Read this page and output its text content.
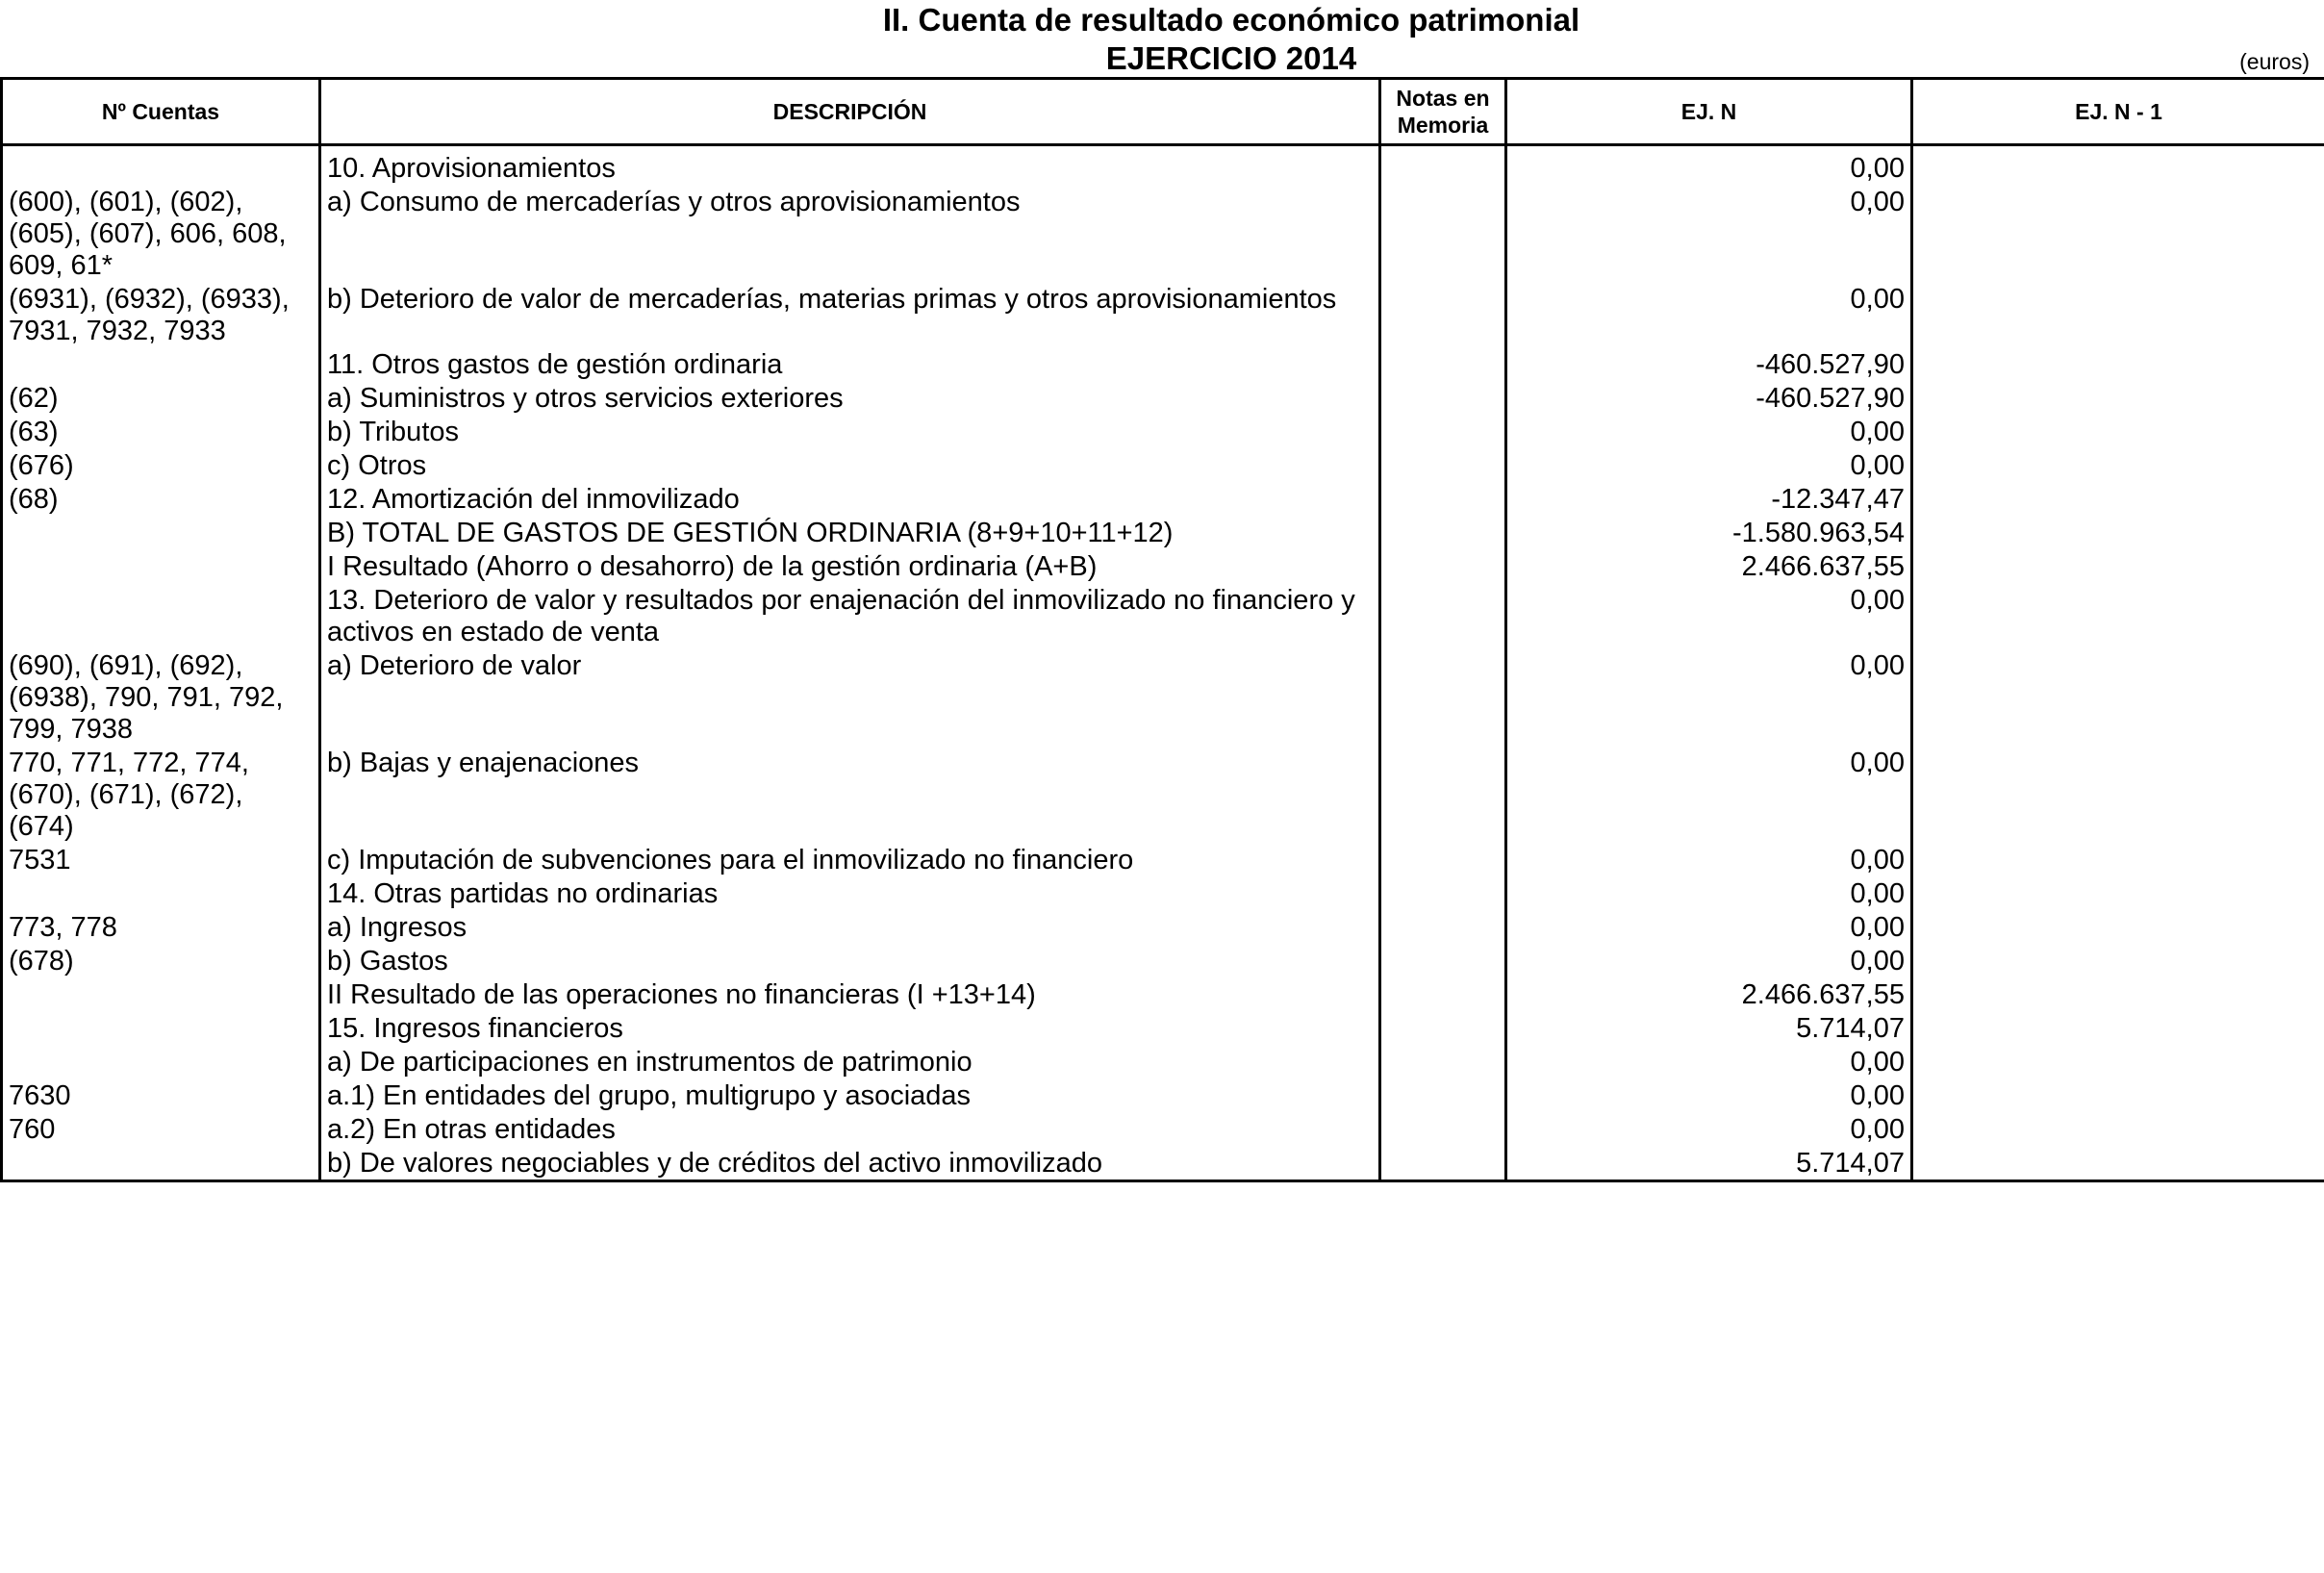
II. Cuenta de resultado económico patrimonial
EJERCICIO 2014	(euros)
Nº Cuentas	DESCRIPCIÓN	Notas en Memoria	EJ. N	EJ. N - 1
	10. Aprovisionamientos		0,00	
(600), (601), (602), (605), (607), 606, 608, 609, 61*	a) Consumo de mercaderías y otros aprovisionamientos		0,00	
(6931), (6932), (6933), 7931, 7932, 7933	b) Deterioro de valor de mercaderías, materias primas y otros aprovisionamientos		0,00	
	11. Otros gastos de gestión ordinaria		-460.527,90	
(62)	a) Suministros y otros servicios exteriores		-460.527,90	
(63)	b) Tributos		0,00	
(676)	c) Otros		0,00	
(68)	12. Amortización del inmovilizado		-12.347,47	
	B) TOTAL DE GASTOS DE GESTIÓN ORDINARIA (8+9+10+11+12)		-1.580.963,54	
	I Resultado (Ahorro o desahorro) de la gestión ordinaria (A+B)		2.466.637,55	
	13. Deterioro de valor y resultados por enajenación del inmovilizado no financiero y activos en estado de venta		0,00	
(690), (691), (692), (6938), 790, 791, 792, 799, 7938	a) Deterioro de valor		0,00	
770, 771, 772, 774, (670), (671), (672), (674)	b) Bajas y enajenaciones		0,00	
7531	c) Imputación de subvenciones para el inmovilizado no financiero		0,00	
	14. Otras partidas no ordinarias		0,00	
773, 778	a) Ingresos		0,00	
(678)	b) Gastos		0,00	
	II Resultado de las operaciones no financieras (I +13+14)		2.466.637,55	
	15. Ingresos financieros		5.714,07	
	a) De participaciones en instrumentos de patrimonio		0,00	
7630	a.1) En entidades del grupo, multigrupo y asociadas		0,00	
760	a.2) En otras entidades		0,00	
	b) De valores negociables y de créditos del activo inmovilizado		5.714,07	
